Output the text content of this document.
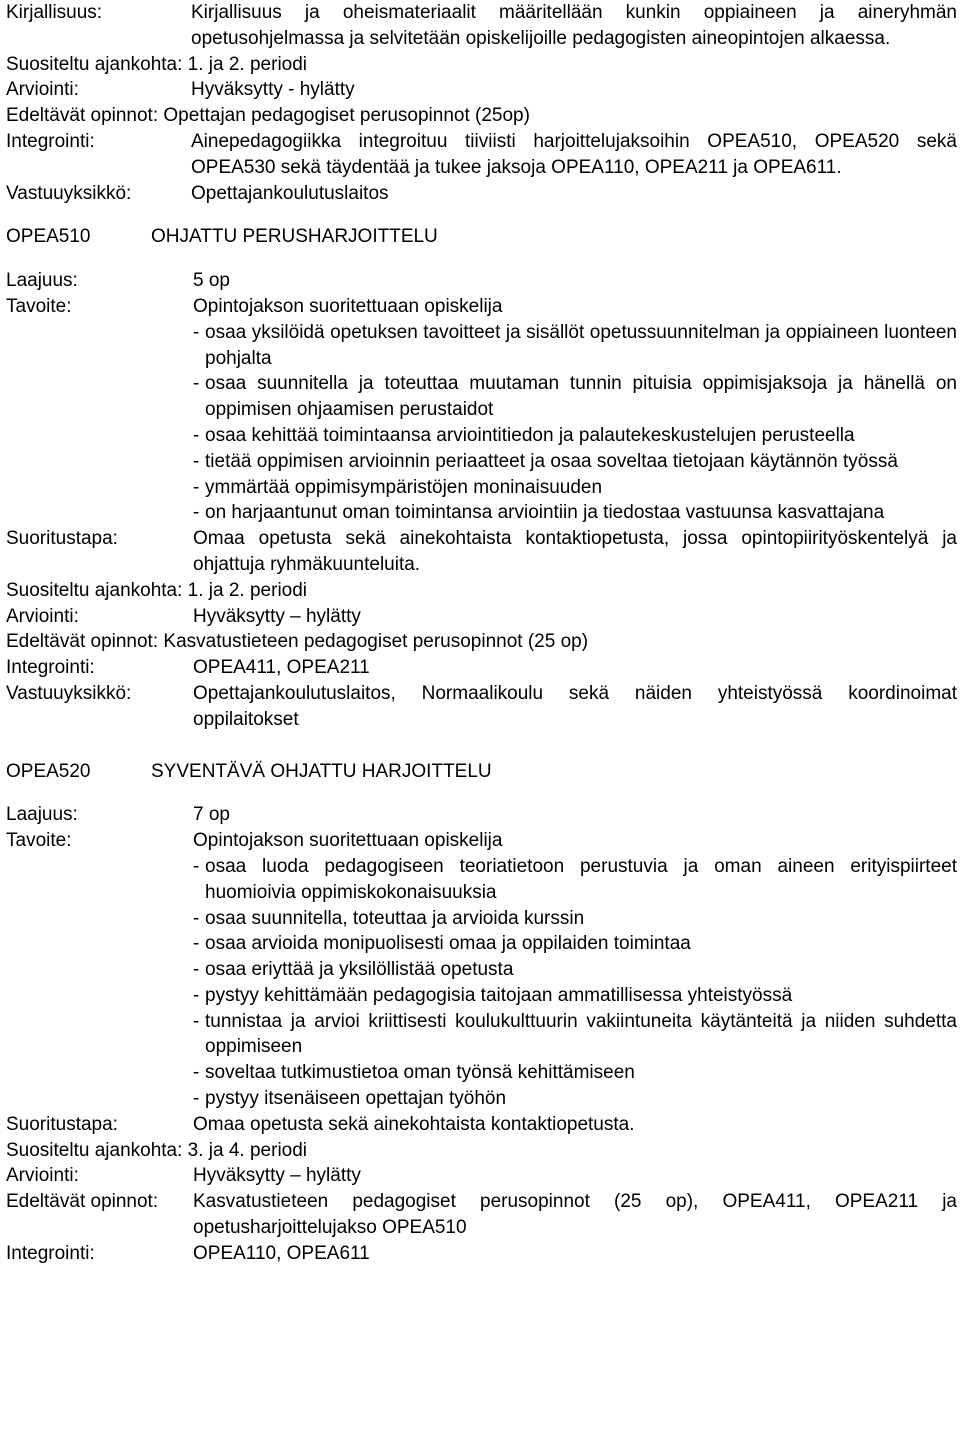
Kirjallisuus:	Kirjallisuus ja oheismateriaalit määritellään kunkin oppiaineen ja aineryhmän opetusohjelmassa ja selvitetään opiskelijoille pedagogisten aineopintojen alkaessa.
Suositeltu ajankohta: 1. ja 2. periodi
Arviointi:	Hyväksytty - hylätty
Edeltävät opinnot: Opettajan pedagogiset perusopinnot (25op)
Integrointi:	Ainepedagogiikka integroituu tiiviisti harjoittelujaksoihin OPEA510, OPEA520 sekä OPEA530 sekä täydentää ja tukee jaksoja OPEA110, OPEA211 ja OPEA611.
Vastuuyksikkö:	Opettajankoulutuslaitos
OPEA510	OHJATTU PERUSHARJOITTELU
Laajuus:	5 op
Tavoite:	Opintojakson suoritettuaan opiskelija
- osaa yksilöidä opetuksen tavoitteet ja sisällöt opetussuunnitelman ja oppiaineen luonteen pohjalta
- osaa suunnitella ja toteuttaa muutaman tunnin pituisia oppimisjaksoja ja hänellä on oppimisen ohjaamisen perustaidot
- osaa kehittää toimintaansa arviointitiedon ja palautekeskustelujen perusteella
- tietää oppimisen arvioinnin periaatteet ja osaa soveltaa tietojaan käytännön työssä
- ymmärtää oppimisympäristöjen moninaisuuden
- on harjaantunut oman toimintansa arviointiin ja tiedostaa vastuunsa kasvattajana
Suoritustapa:	Omaa opetusta sekä ainekohtaista kontaktiopetusta, jossa opintopiirityöskentelyä ja ohjattuja ryhmäkuunteluita.
Suositeltu ajankohta: 1. ja 2. periodi
Arviointi:	Hyväksytty – hylätty
Edeltävät opinnot: Kasvatustieteen pedagogiset perusopinnot (25 op)
Integrointi:	OPEA411, OPEA211
Vastuuyksikkö:	Opettajankoulutuslaitos, Normaalikoulu sekä näiden yhteistyössä koordinoimat oppilaitokset
OPEA520	SYVENTÄVÄ OHJATTU HARJOITTELU
Laajuus:	7 op
Tavoite:	Opintojakson suoritettuaan opiskelija
- osaa luoda pedagogiseen teoriatietoon perustuvia ja oman aineen erityispiirteet huomioivia oppimiskokonaisuuksia
- osaa suunnitella, toteuttaa ja arvioida kurssin
- osaa arvioida monipuolisesti omaa ja oppilaiden toimintaa
- osaa eriyttää ja yksilöllistää opetusta
- pystyy kehittämään pedagogisia taitojaan ammatillisessa yhteistyössä
- tunnistaa ja arvioi kriittisesti koulukulttuurin vakiintuneita käytänteitä ja niiden suhdetta oppimiseen
- soveltaa tutkimustietoa oman työnsä kehittämiseen
- pystyy itsenäiseen opettajan työhön
Suoritustapa:	Omaa opetusta sekä ainekohtaista kontaktiopetusta.
Suositeltu ajankohta: 3. ja 4. periodi
Arviointi:	Hyväksytty – hylätty
Edeltävät opinnot:	Kasvatustieteen pedagogiset perusopinnot (25 op), OPEA411, OPEA211 ja opetusharjoittelujakso OPEA510
Integrointi:	OPEA110, OPEA611
